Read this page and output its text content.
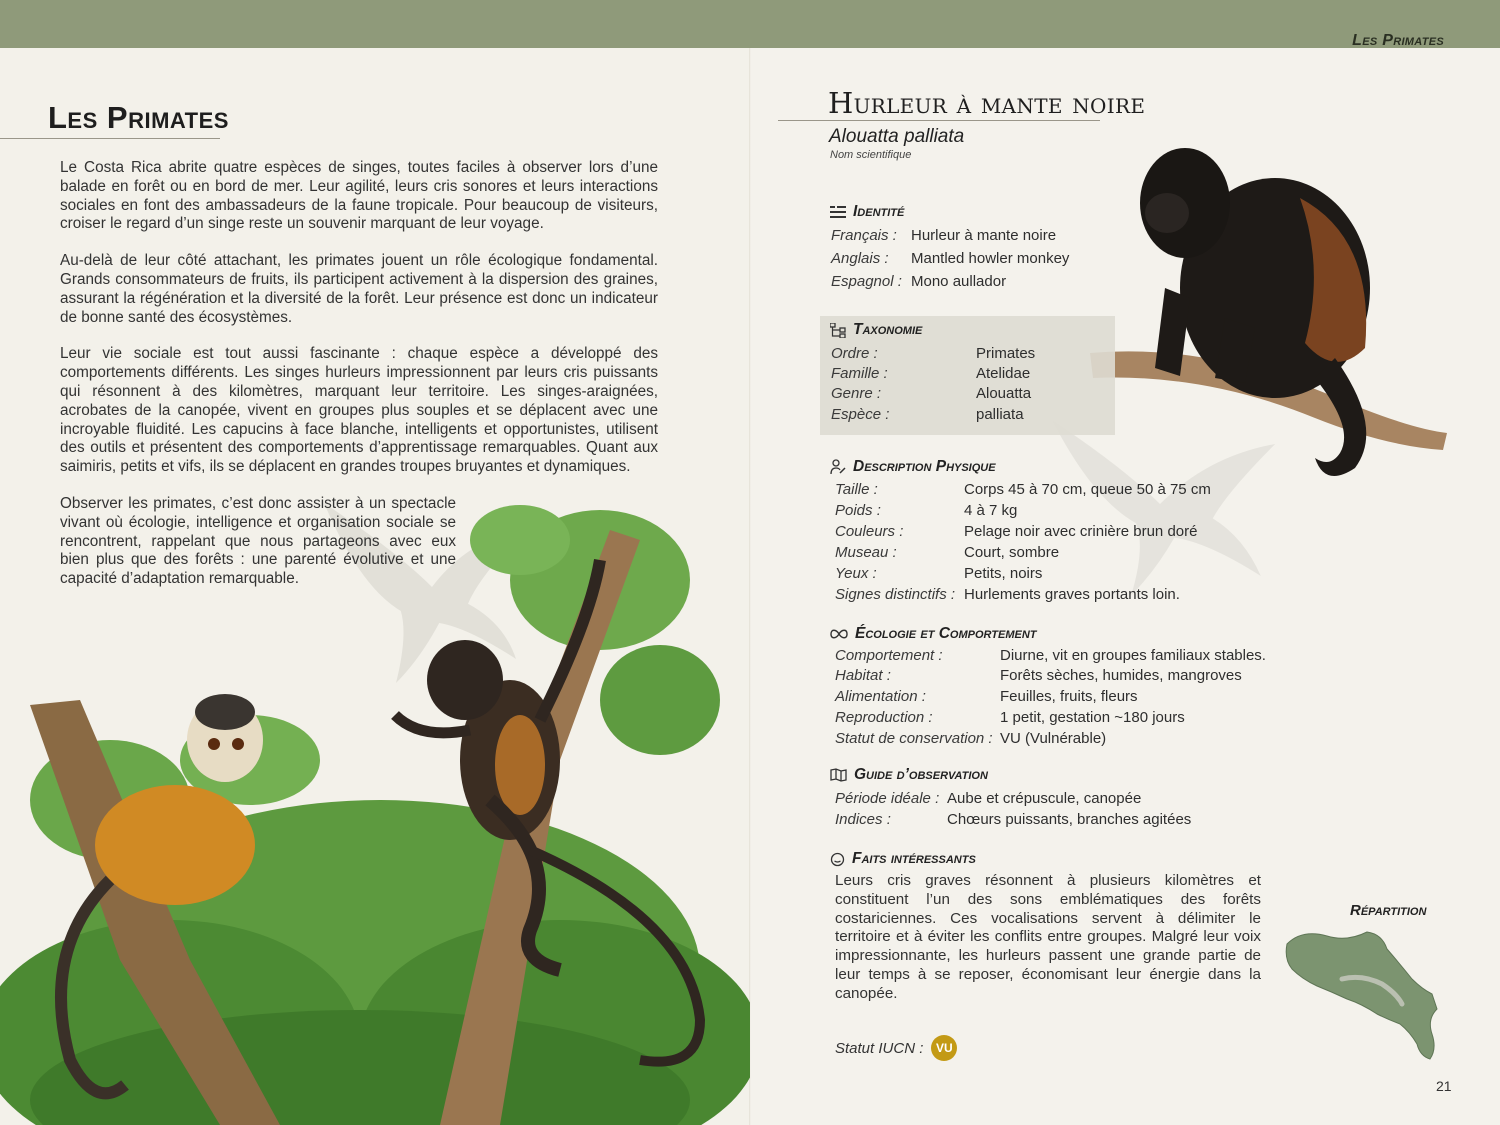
Les Primates
Les Primates

Le Costa Rica abrite quatre espèces de singes, toutes faciles à observer lors d’une balade en forêt ou en bord de mer. Leur agilité, leurs cris sonores et leurs interactions sociales en font des ambassadeurs de la faune tropicale. Pour beaucoup de visiteurs, croiser le regard d’un singe reste un souvenir marquant de leur voyage.

Au-delà de leur côté attachant, les primates jouent un rôle écologique fondamental. Grands consommateurs de fruits, ils participent activement à la dispersion des graines, assurant la régénération et la diversité de la forêt. Leur présence est donc un indicateur de bonne santé des écosystèmes.

Leur vie sociale est tout aussi fascinante : chaque espèce a développé des comportements différents. Les singes hurleurs impressionnent par leurs cris puissants qui résonnent à des kilomètres, marquant leur territoire. Les singes-araignées, acrobates de la canopée, vivent en groupes plus souples et se déplacent avec une incroyable fluidité. Les capucins à face blanche, intelligents et opportunistes, utilisent des outils et présentent des comportements d’apprentissage remarquables. Quant aux saimiris, petits et vifs, ils se déplacent en grandes troupes bruyantes et dynamiques.

Observer les primates, c’est donc assister à un spectacle vivant où écologie, intelligence et organisation sociale se rencontrent, rappelant que nous partageons avec eux bien plus que des forêts : une parenté évolutive et une capacité d’adaptation remarquable.

Hurleur à mante noire
Alouatta palliata
Nom scientifique
Identité
Français : Hurleur à mante noire
Anglais :	Mantled howler monkey
Espagnol : Mono aullador
Taxonomie
Ordre :	Primates
Famille :	Atelidae
Genre :	Alouatta
Espèce :	palliata
Description Physique
Taille :	Corps 45 à 70 cm, queue 50 à 75 cm
Poids :	4 à 7 kg
Couleurs :	Pelage noir avec crinière brun doré
Museau :	Court, sombre
Yeux :	Petits, noirs
Signes distinctifs : Hurlements graves portants loin.
Écologie et Comportement
Comportement :	Diurne, vit en groupes familiaux stables.
Habitat :	Forêts sèches, humides, mangroves
Alimentation :	Feuilles, fruits, fleurs
Reproduction :	1 petit, gestation ~180 jours
Statut de conservation : VU (Vulnérable)
Guide d’observation
Période idéale : Aube et crépuscule, canopée
Indices :	Chœurs puissants, branches agitées
Faits intéressants
Leurs cris graves résonnent à plusieurs kilomètres et constituent l’un des sons emblématiques des forêts costariciennes. Ces vocalisations servent à délimiter le territoire et à éviter les conflits entre groupes. Malgré leur voix impressionnante, les hurleurs passent une grande partie de leur temps à se reposer, économisant leur énergie dans la canopée.
Statut IUCN :	VU
Répartition
21
